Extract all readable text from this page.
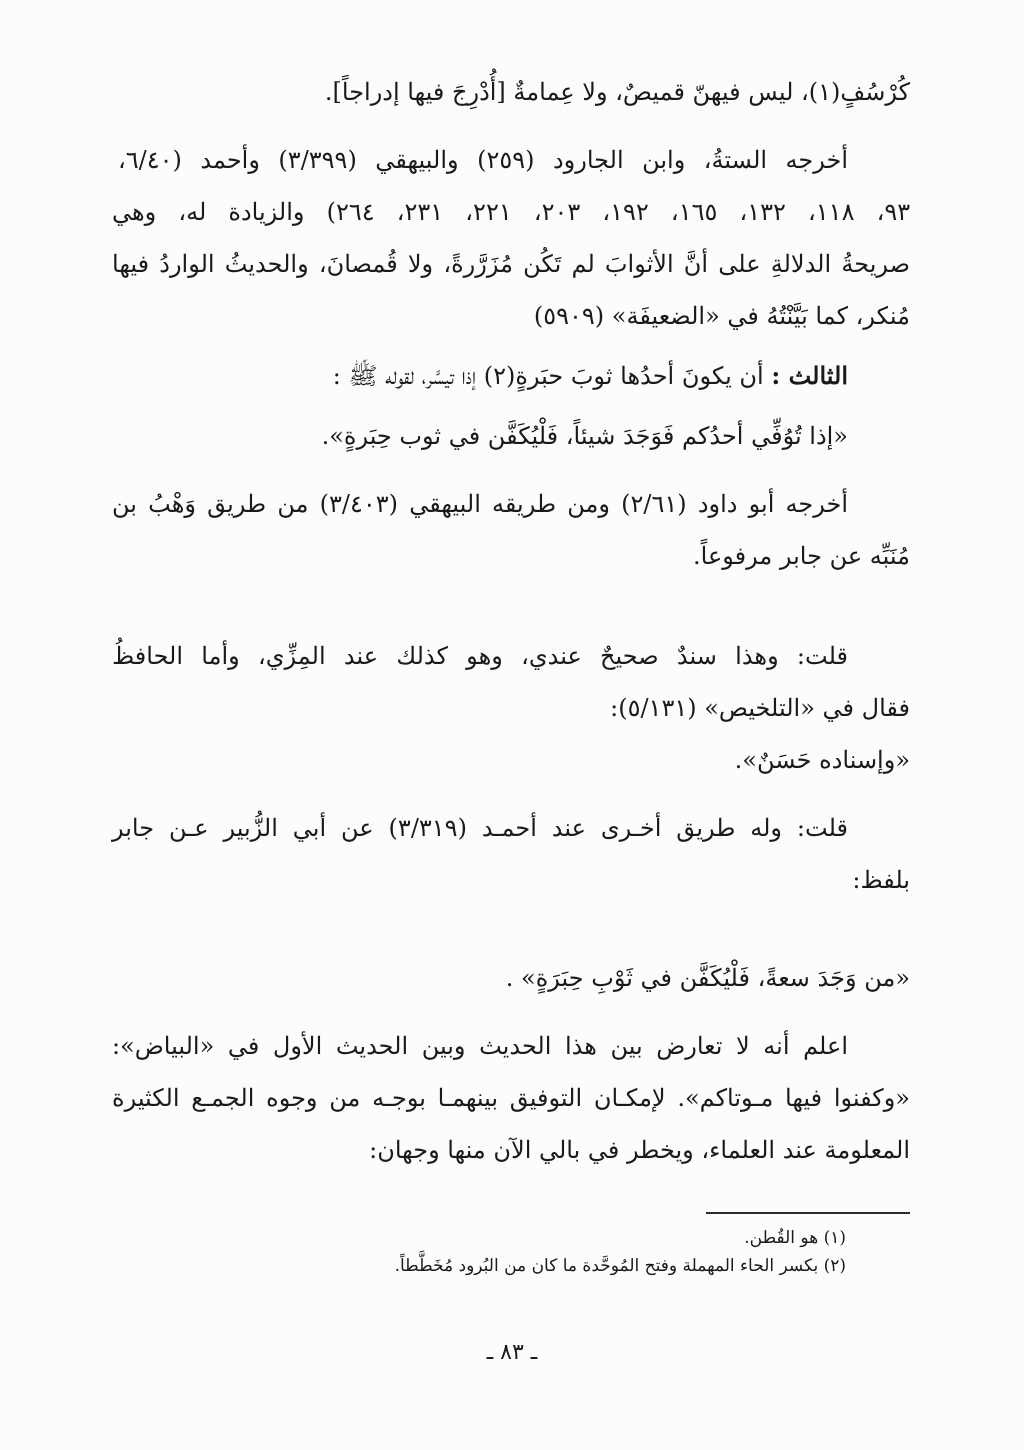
كُرْسُفٍ(١)، ليس فيهنّ قميصٌ، ولا عِمامةٌ [أُدْرِجَ فيها إدراجاً].
أخرجه الستةُ، وابن الجارود (٢٥٩) والبيهقي (٣/٣٩٩) وأحمد (٦/٤٠،
٩٣، ١١٨، ١٣٢، ١٦٥، ١٩٢، ٢٠٣، ٢٢١، ٢٣١، ٢٦٤) والزيادة له، وهي
صريحةُ الدلالةِ على أنَّ الأثوابَ لم تَكُن مُزَرَّرةً، ولا قُمصانَ، والحديثُ الواردُ فيها
مُنكر، كما بَيَّنْتُهُ في «الضعيفَة» (٥٩٠٩)
الثالث : أن يكونَ أحدُها ثوبَ حبَرةٍ(٢) إذا تيسَّر، لقوله ﷺ :
«إذا تُوُفِّي أحدُكم فَوَجَدَ شيئاً، فَلْيُكَفَّن في ثوب حِبَرةٍ».
أخرجه أبو داود (٢/٦١) ومن طريقه البيهقي (٣/٤٠٣) من طريق وَهْبُ بن
مُنَبِّه عن جابر مرفوعاً.
قلت: وهذا سندٌ صحيحٌ عندي، وهو كذلك عند المِزِّي، وأما الحافظُ
فقال في «التلخيص» (٥/١٣١):
«وإسناده حَسَنٌ».
قلت: وله طريق أخـرى عند أحمـد (٣/٣١٩) عن أبي الزُّبير عـن جابر
بلفظ:
«من وَجَدَ سعةً، فَلْيُكَفَّن في ثَوْبِ حِبَرَةٍ» .
اعلم أنه لا تعارض بين هذا الحديث وبين الحديث الأول في «البياض»:
«وكفنوا فيها مـوتاكم». لإمكـان التوفيق بينهمـا بوجـه من وجوه الجمـع الكثيرة
المعلومة عند العلماء، ويخطر في بالي الآن منها وجهان:
(١) هو القُطن.
(٢) بكسر الحاء المهملة وفتح المُوحَّدة ما كان من البُرود مُخَطَّطاً.
ـ ٨٣ ـ
